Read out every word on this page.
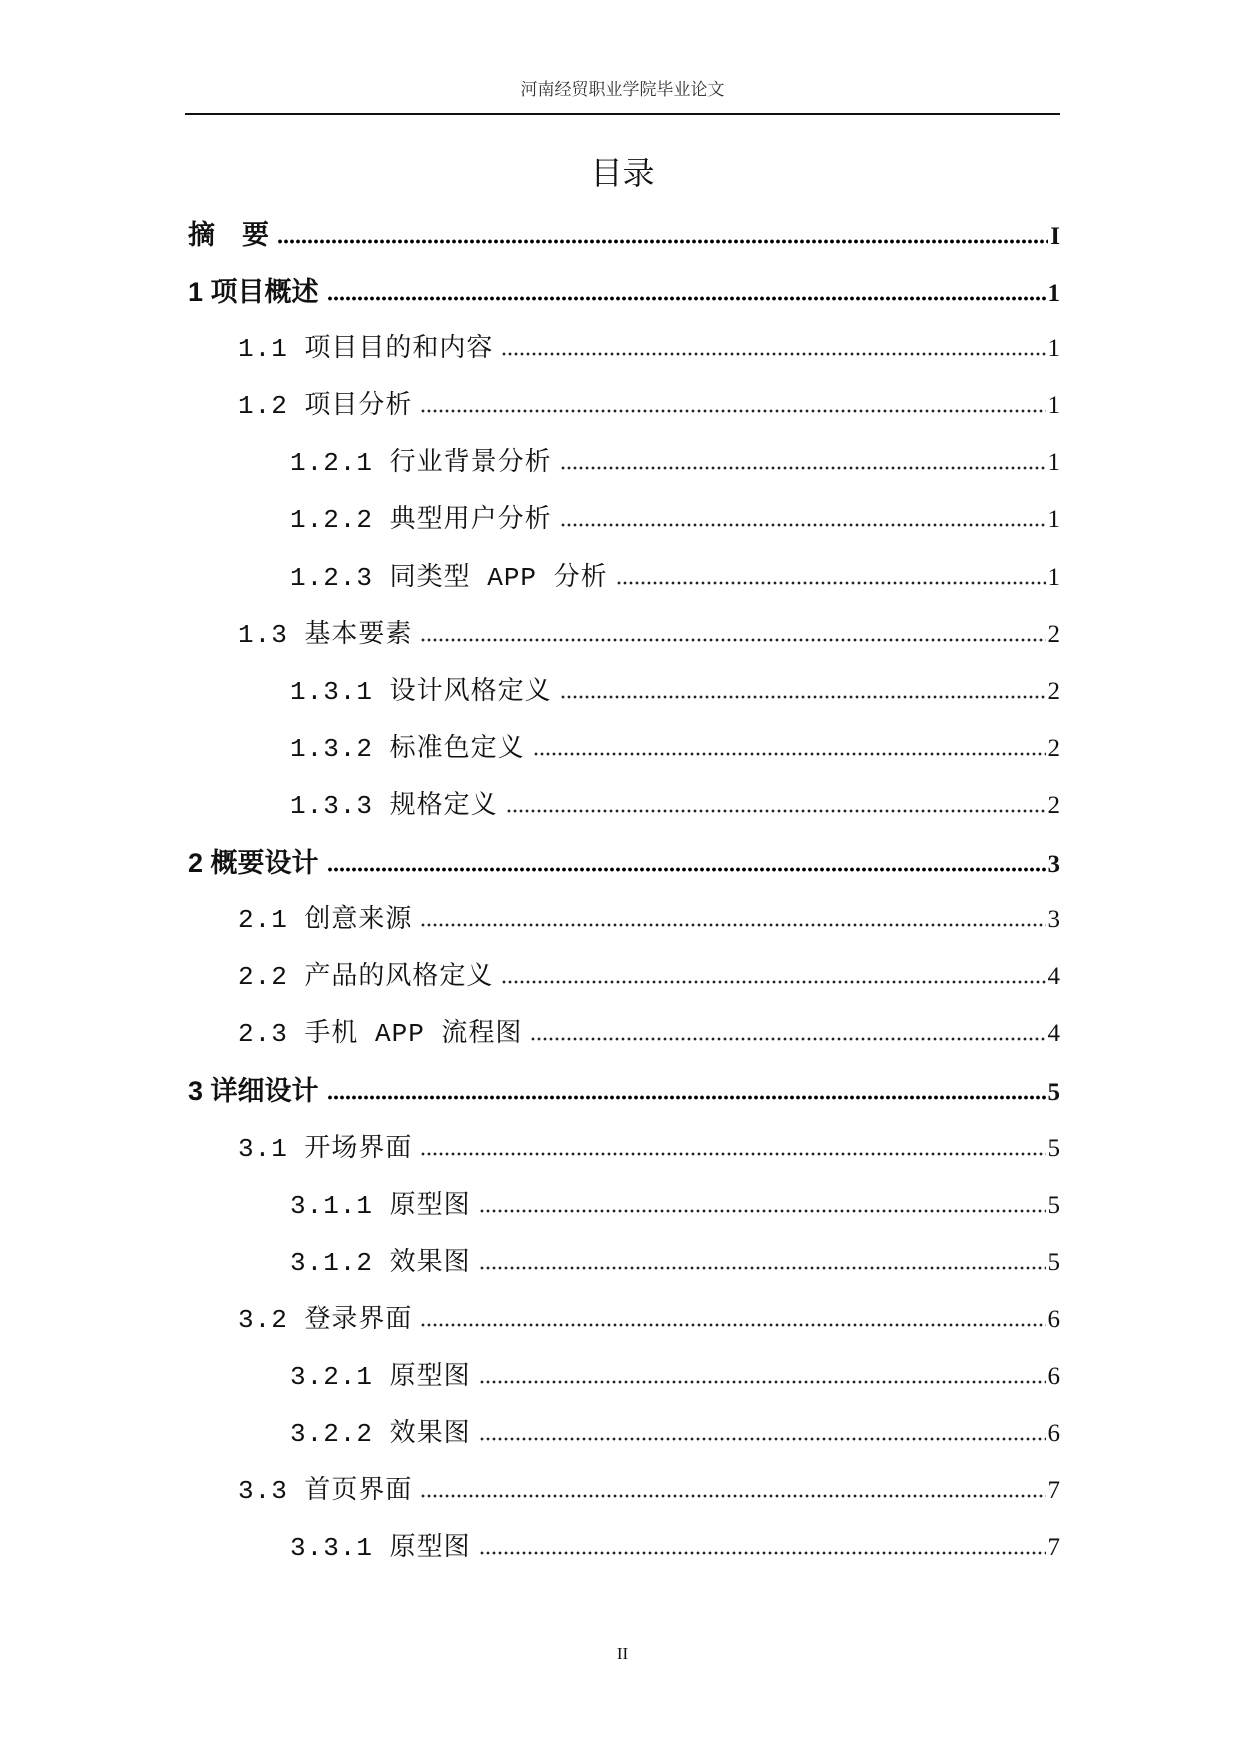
河南经贸职业学院毕业论文
目录
摘　要	I
1 项目概述	1
1.1 项目目的和内容	1
1.2 项目分析	1
1.2.1 行业背景分析	1
1.2.2 典型用户分析	1
1.2.3 同类型 APP 分析	1
1.3 基本要素	2
1.3.1 设计风格定义	2
1.3.2 标准色定义	2
1.3.3 规格定义	2
2 概要设计	3
2.1 创意来源	3
2.2 产品的风格定义	4
2.3 手机 APP 流程图	4
3 详细设计	5
3.1 开场界面	5
3.1.1 原型图	5
3.1.2 效果图	5
3.2 登录界面	6
3.2.1 原型图	6
3.2.2 效果图	6
3.3 首页界面	7
3.3.1 原型图	7
II
